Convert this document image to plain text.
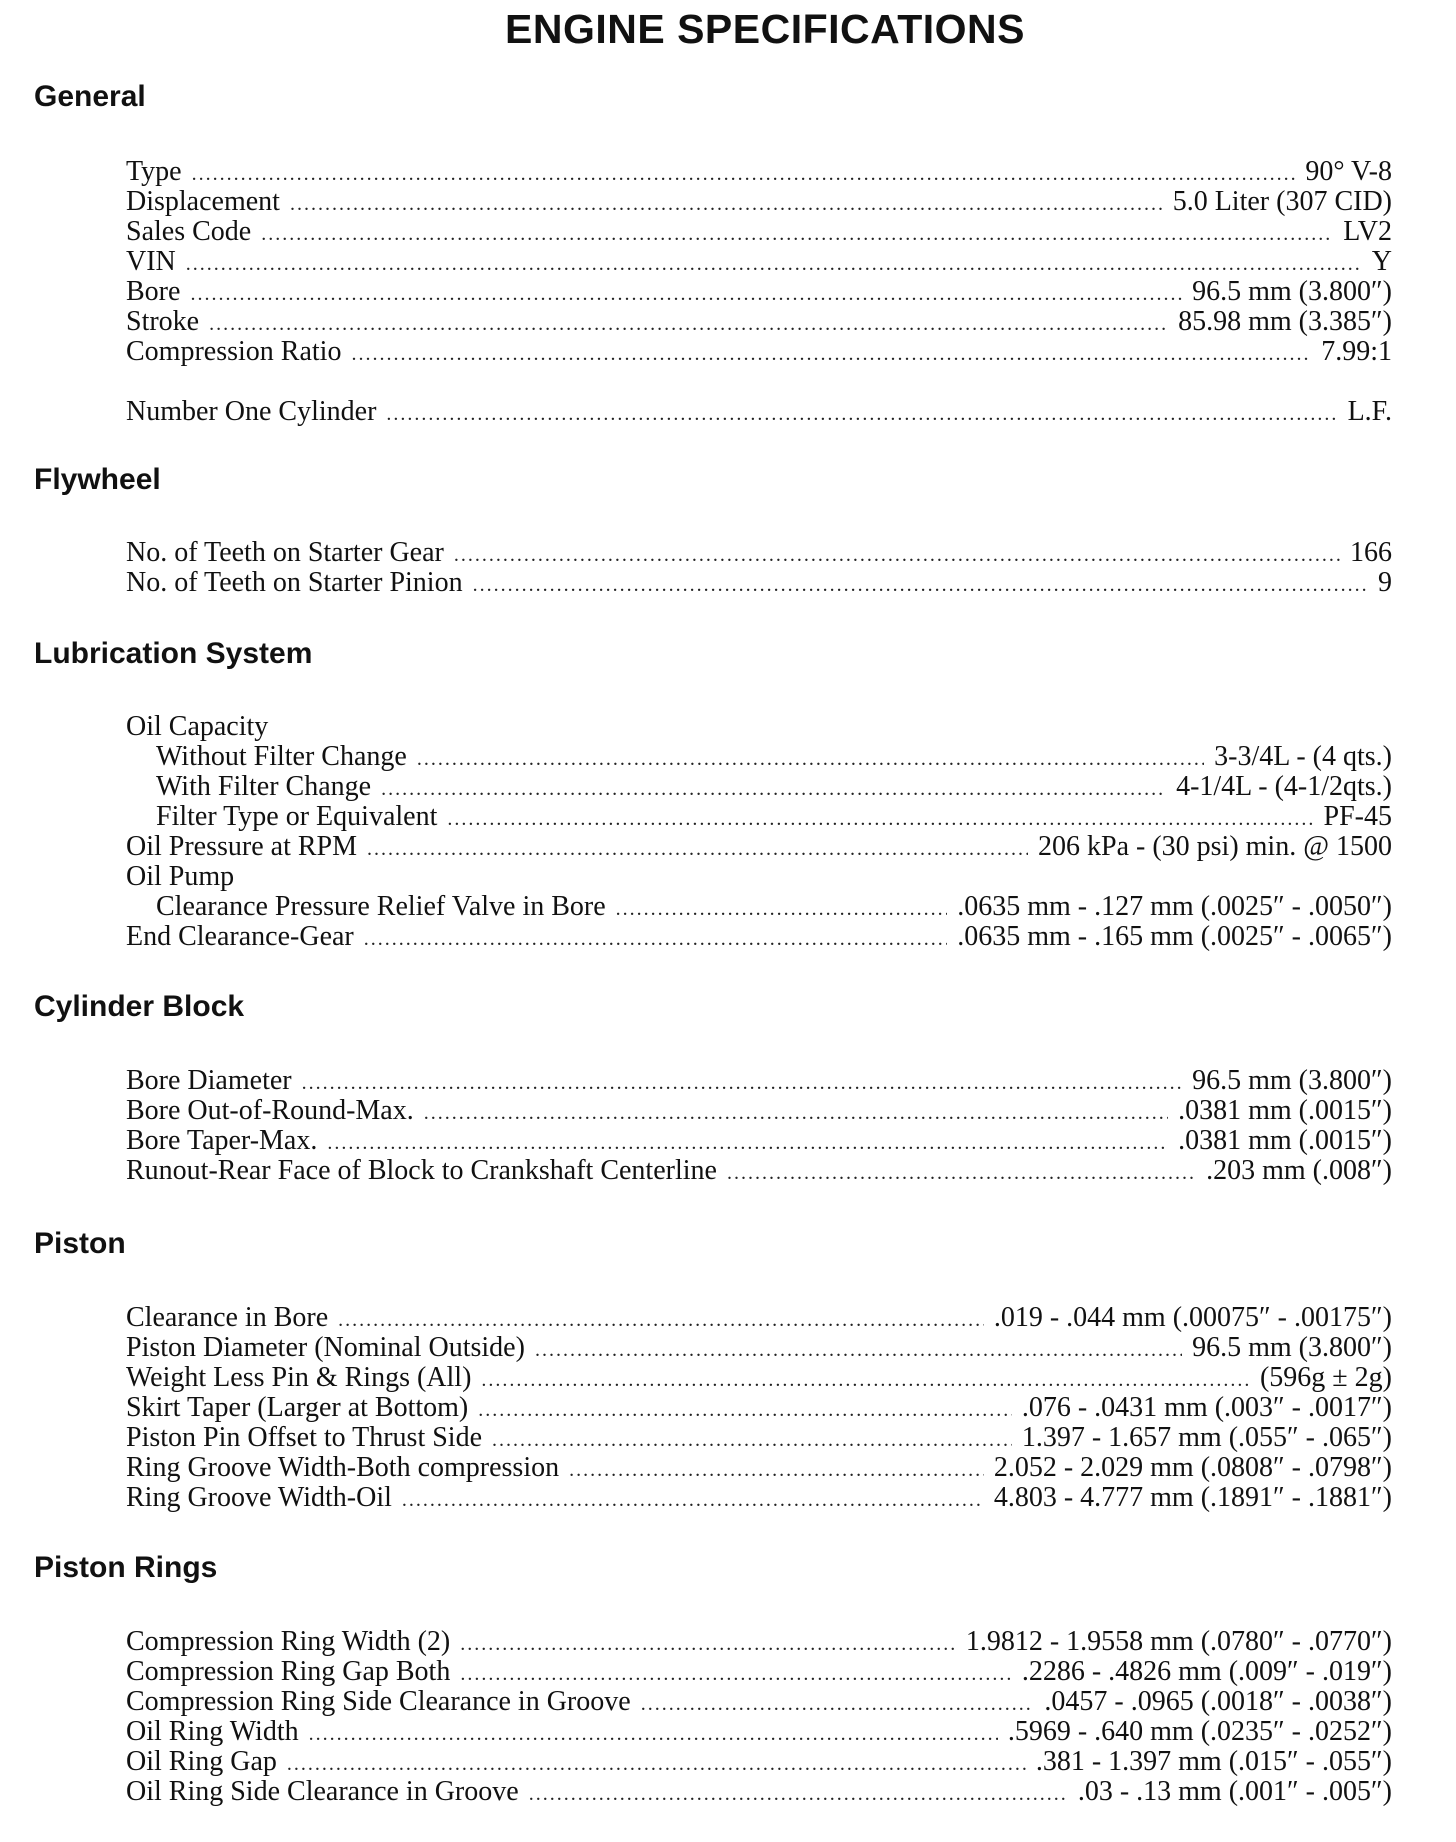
ENGINE SPECIFICATIONS
General
Type .....	90° V-8
Displacement .....	5.0 Liter (307 CID)
Sales Code .....	LV2
VIN .....	Y
Bore .....	96.5 mm (3.800″)
Stroke .....	85.98 mm (3.385″)
Compression Ratio .....	7.99:1
Number One Cylinder .....	L.F.
Flywheel
No. of Teeth on Starter Gear .....	166
No. of Teeth on Starter Pinion .....	9
Lubrication System
Oil Capacity
Without Filter Change .....	3-3/4L - (4 qts.)
With Filter Change .....	4-1/4L - (4-1/2qts.)
Filter Type or Equivalent .....	PF-45
Oil Pressure at RPM .....	206 kPa - (30 psi) min. @ 1500
Oil Pump
Clearance Pressure Relief Valve in Bore .....	.0635 mm - .127 mm (.0025″ - .0050″)
End Clearance-Gear .....	.0635 mm - .165 mm (.0025″ - .0065″)
Cylinder Block
Bore Diameter .....	96.5 mm (3.800″)
Bore Out-of-Round-Max. .....	.0381 mm (.0015″)
Bore Taper-Max. .....	.0381 mm (.0015″)
Runout-Rear Face of Block to Crankshaft Centerline .....	.203 mm (.008″)
Piston
Clearance in Bore .....	.019 - .044 mm (.00075″ - .00175″)
Piston Diameter (Nominal Outside) .....	96.5 mm (3.800″)
Weight Less Pin & Rings (All) .....	(596g ± 2g)
Skirt Taper (Larger at Bottom) .....	.076 - .0431 mm (.003″ - .0017″)
Piston Pin Offset to Thrust Side .....	1.397 - 1.657 mm (.055″ - .065″)
Ring Groove Width-Both compression .....	2.052 - 2.029 mm (.0808″ - .0798″)
Ring Groove Width-Oil .....	4.803 - 4.777 mm (.1891″ - .1881″)
Piston Rings
Compression Ring Width (2) .....	1.9812 - 1.9558 mm (.0780″ - .0770″)
Compression Ring Gap Both .....	.2286 - .4826 mm (.009″ - .019″)
Compression Ring Side Clearance in Groove .....	.0457 - .0965 (.0018″ - .0038″)
Oil Ring Width .....	.5969 - .640 mm (.0235″ - .0252″)
Oil Ring Gap .....	.381 - 1.397 mm (.015″ - .055″)
Oil Ring Side Clearance in Groove .....	.03 - .13 mm (.001″ - .005″)
